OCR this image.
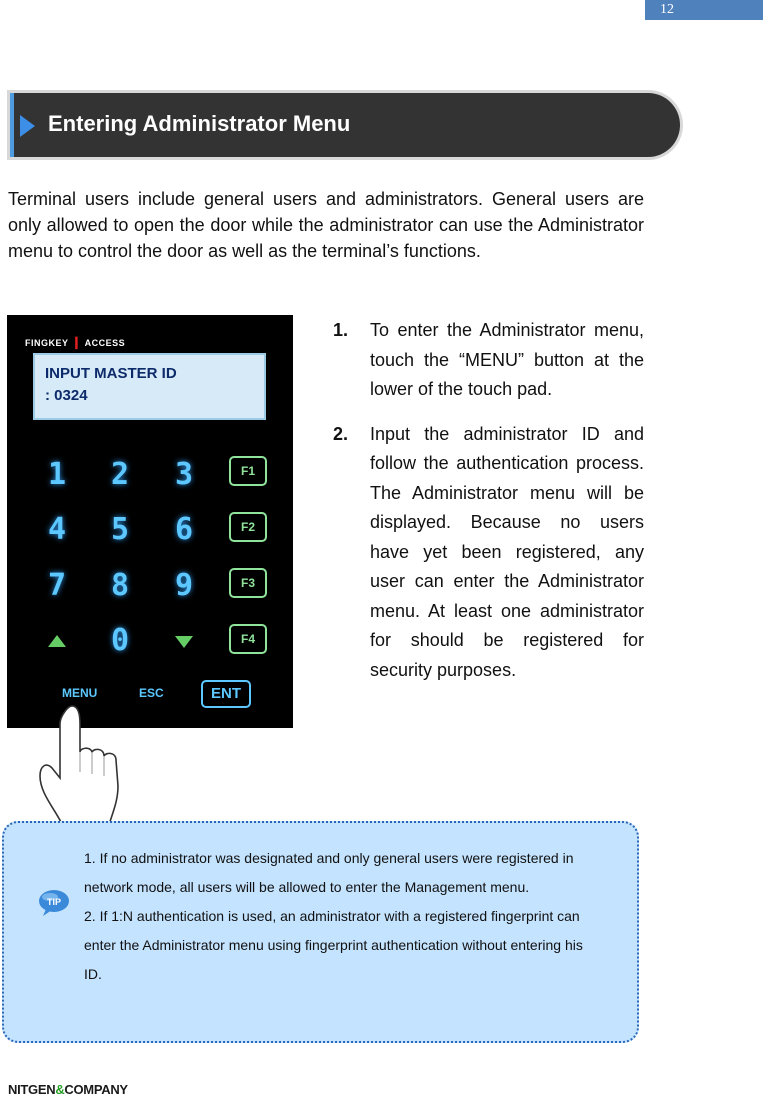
12
Entering Administrator Menu

Terminal users include general users and administrators. General users are only allowed to open the door while the administrator can use the Administrator menu to control the door as well as the terminal’s functions.

FINGKEY ❙ ACCESS
INPUT MASTER ID
: 0324
1	2	3	F1
4	5	6	F2
7	8	9	F3
0	F4
MENU	ESC	ENT
1. To enter the Administrator menu, touch the “MENU” button at the lower of the touch pad.
2. Input the administrator ID and follow the authentication process. The Administrator menu will be displayed. Because no users have yet been registered, any user can enter the Administrator menu. At least one administrator for should be registered for security purposes.
TIP
1. If no administrator was designated and only general users were registered in network mode, all users will be allowed to enter the Management menu.
2. If 1:N authentication is used, an administrator with a registered fingerprint can enter the Administrator menu using fingerprint authentication without entering his ID.
NITGEN&COMPANY
